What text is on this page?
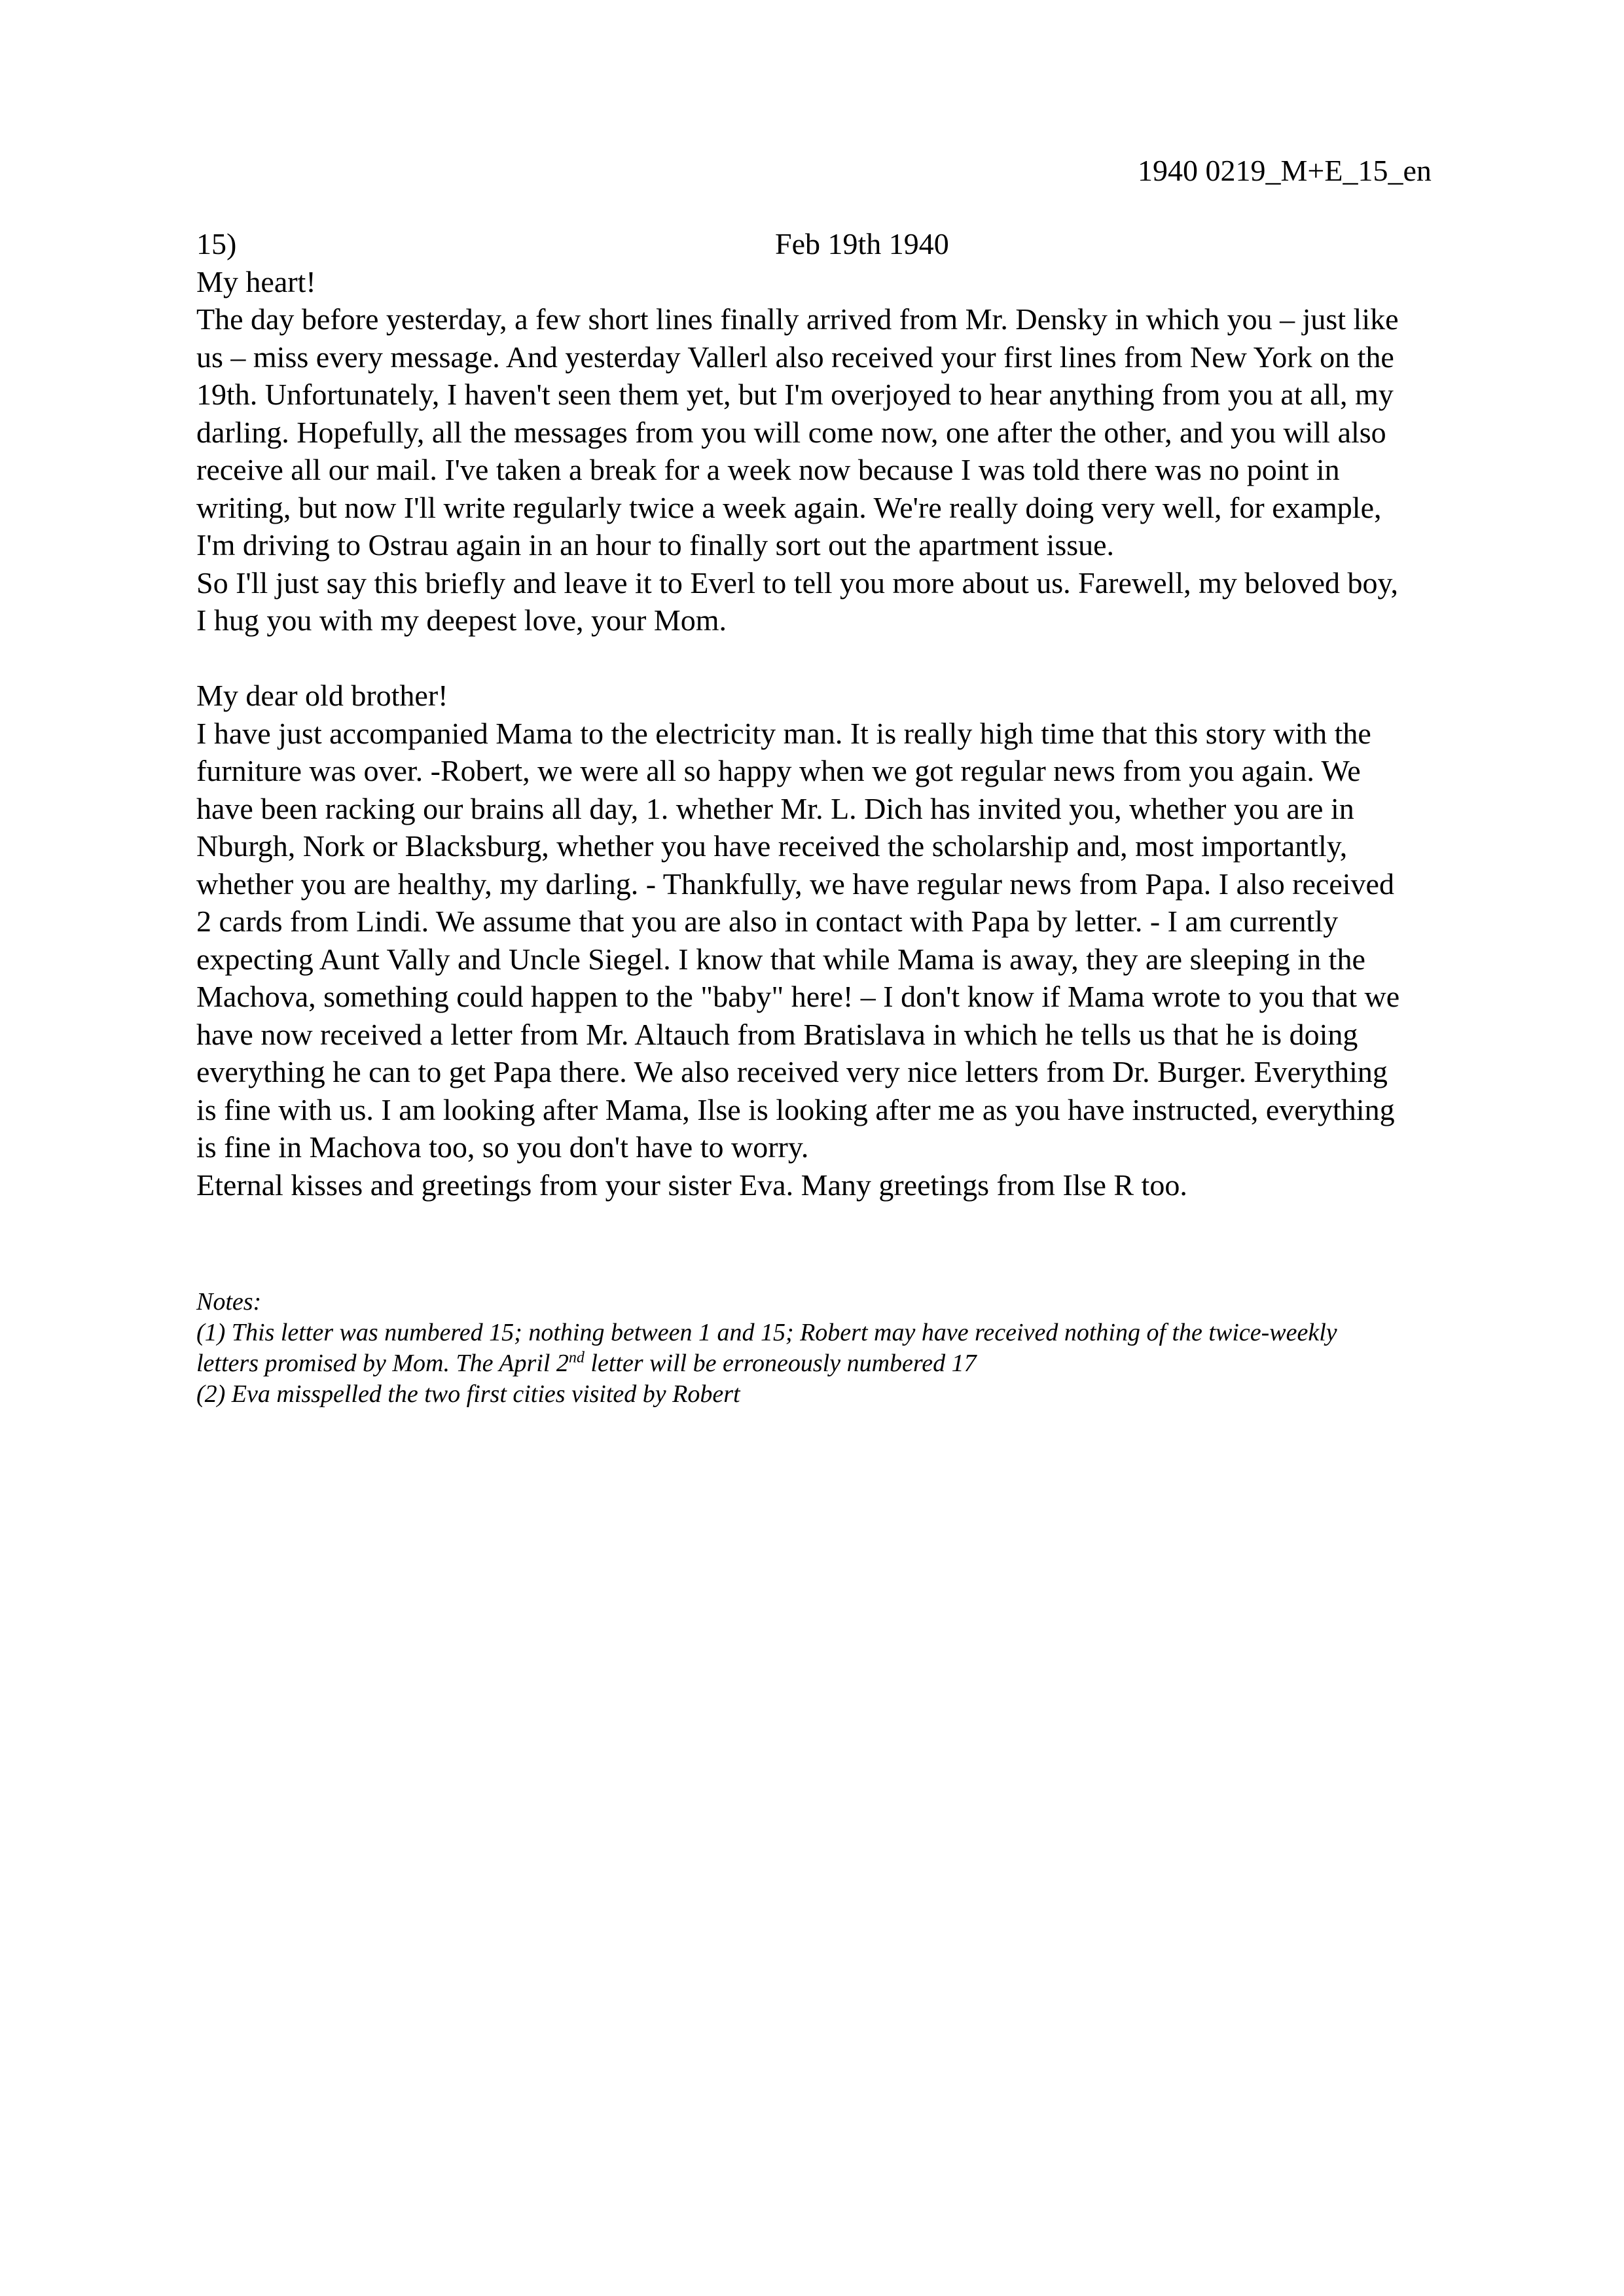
1940 0219_M+E_15_en
15)	Feb 19th 1940
My heart!
The day before yesterday, a few short lines finally arrived from Mr. Densky in which you – just like
us – miss every message. And yesterday Vallerl also received your first lines from New York on the
19th. Unfortunately, I haven't seen them yet, but I'm overjoyed to hear anything from you at all, my
darling. Hopefully, all the messages from you will come now, one after the other, and you will also
receive all our mail. I've taken a break for a week now because I was told there was no point in
writing, but now I'll write regularly twice a week again. We're really doing very well, for example,
I'm driving to Ostrau again in an hour to finally sort out the apartment issue.
So I'll just say this briefly and leave it to Everl to tell you more about us. Farewell, my beloved boy,
I hug you with my deepest love, your Mom.
My dear old brother!
I have just accompanied Mama to the electricity man. It is really high time that this story with the
furniture was over. -Robert, we were all so happy when we got regular news from you again. We
have been racking our brains all day, 1. whether Mr. L. Dich has invited you, whether you are in
Nburgh, Nork or Blacksburg, whether you have received the scholarship and, most importantly,
whether you are healthy, my darling. - Thankfully, we have regular news from Papa. I also received
2 cards from Lindi. We assume that you are also in contact with Papa by letter. - I am currently
expecting Aunt Vally and Uncle Siegel. I know that while Mama is away, they are sleeping in the
Machova, something could happen to the "baby" here! – I don't know if Mama wrote to you that we
have now received a letter from Mr. Altauch from Bratislava in which he tells us that he is doing
everything he can to get Papa there. We also received very nice letters from Dr. Burger. Everything
is fine with us. I am looking after Mama, Ilse is looking after me as you have instructed, everything
is fine in Machova too, so you don't have to worry.
Eternal kisses and greetings from your sister Eva. Many greetings from Ilse R too.
Notes:
(1) This letter was numbered 15; nothing between 1 and 15; Robert may have received nothing of the twice-weekly
letters promised by Mom. The April 2nd letter will be erroneously numbered 17
(2) Eva misspelled the two first cities visited by Robert
